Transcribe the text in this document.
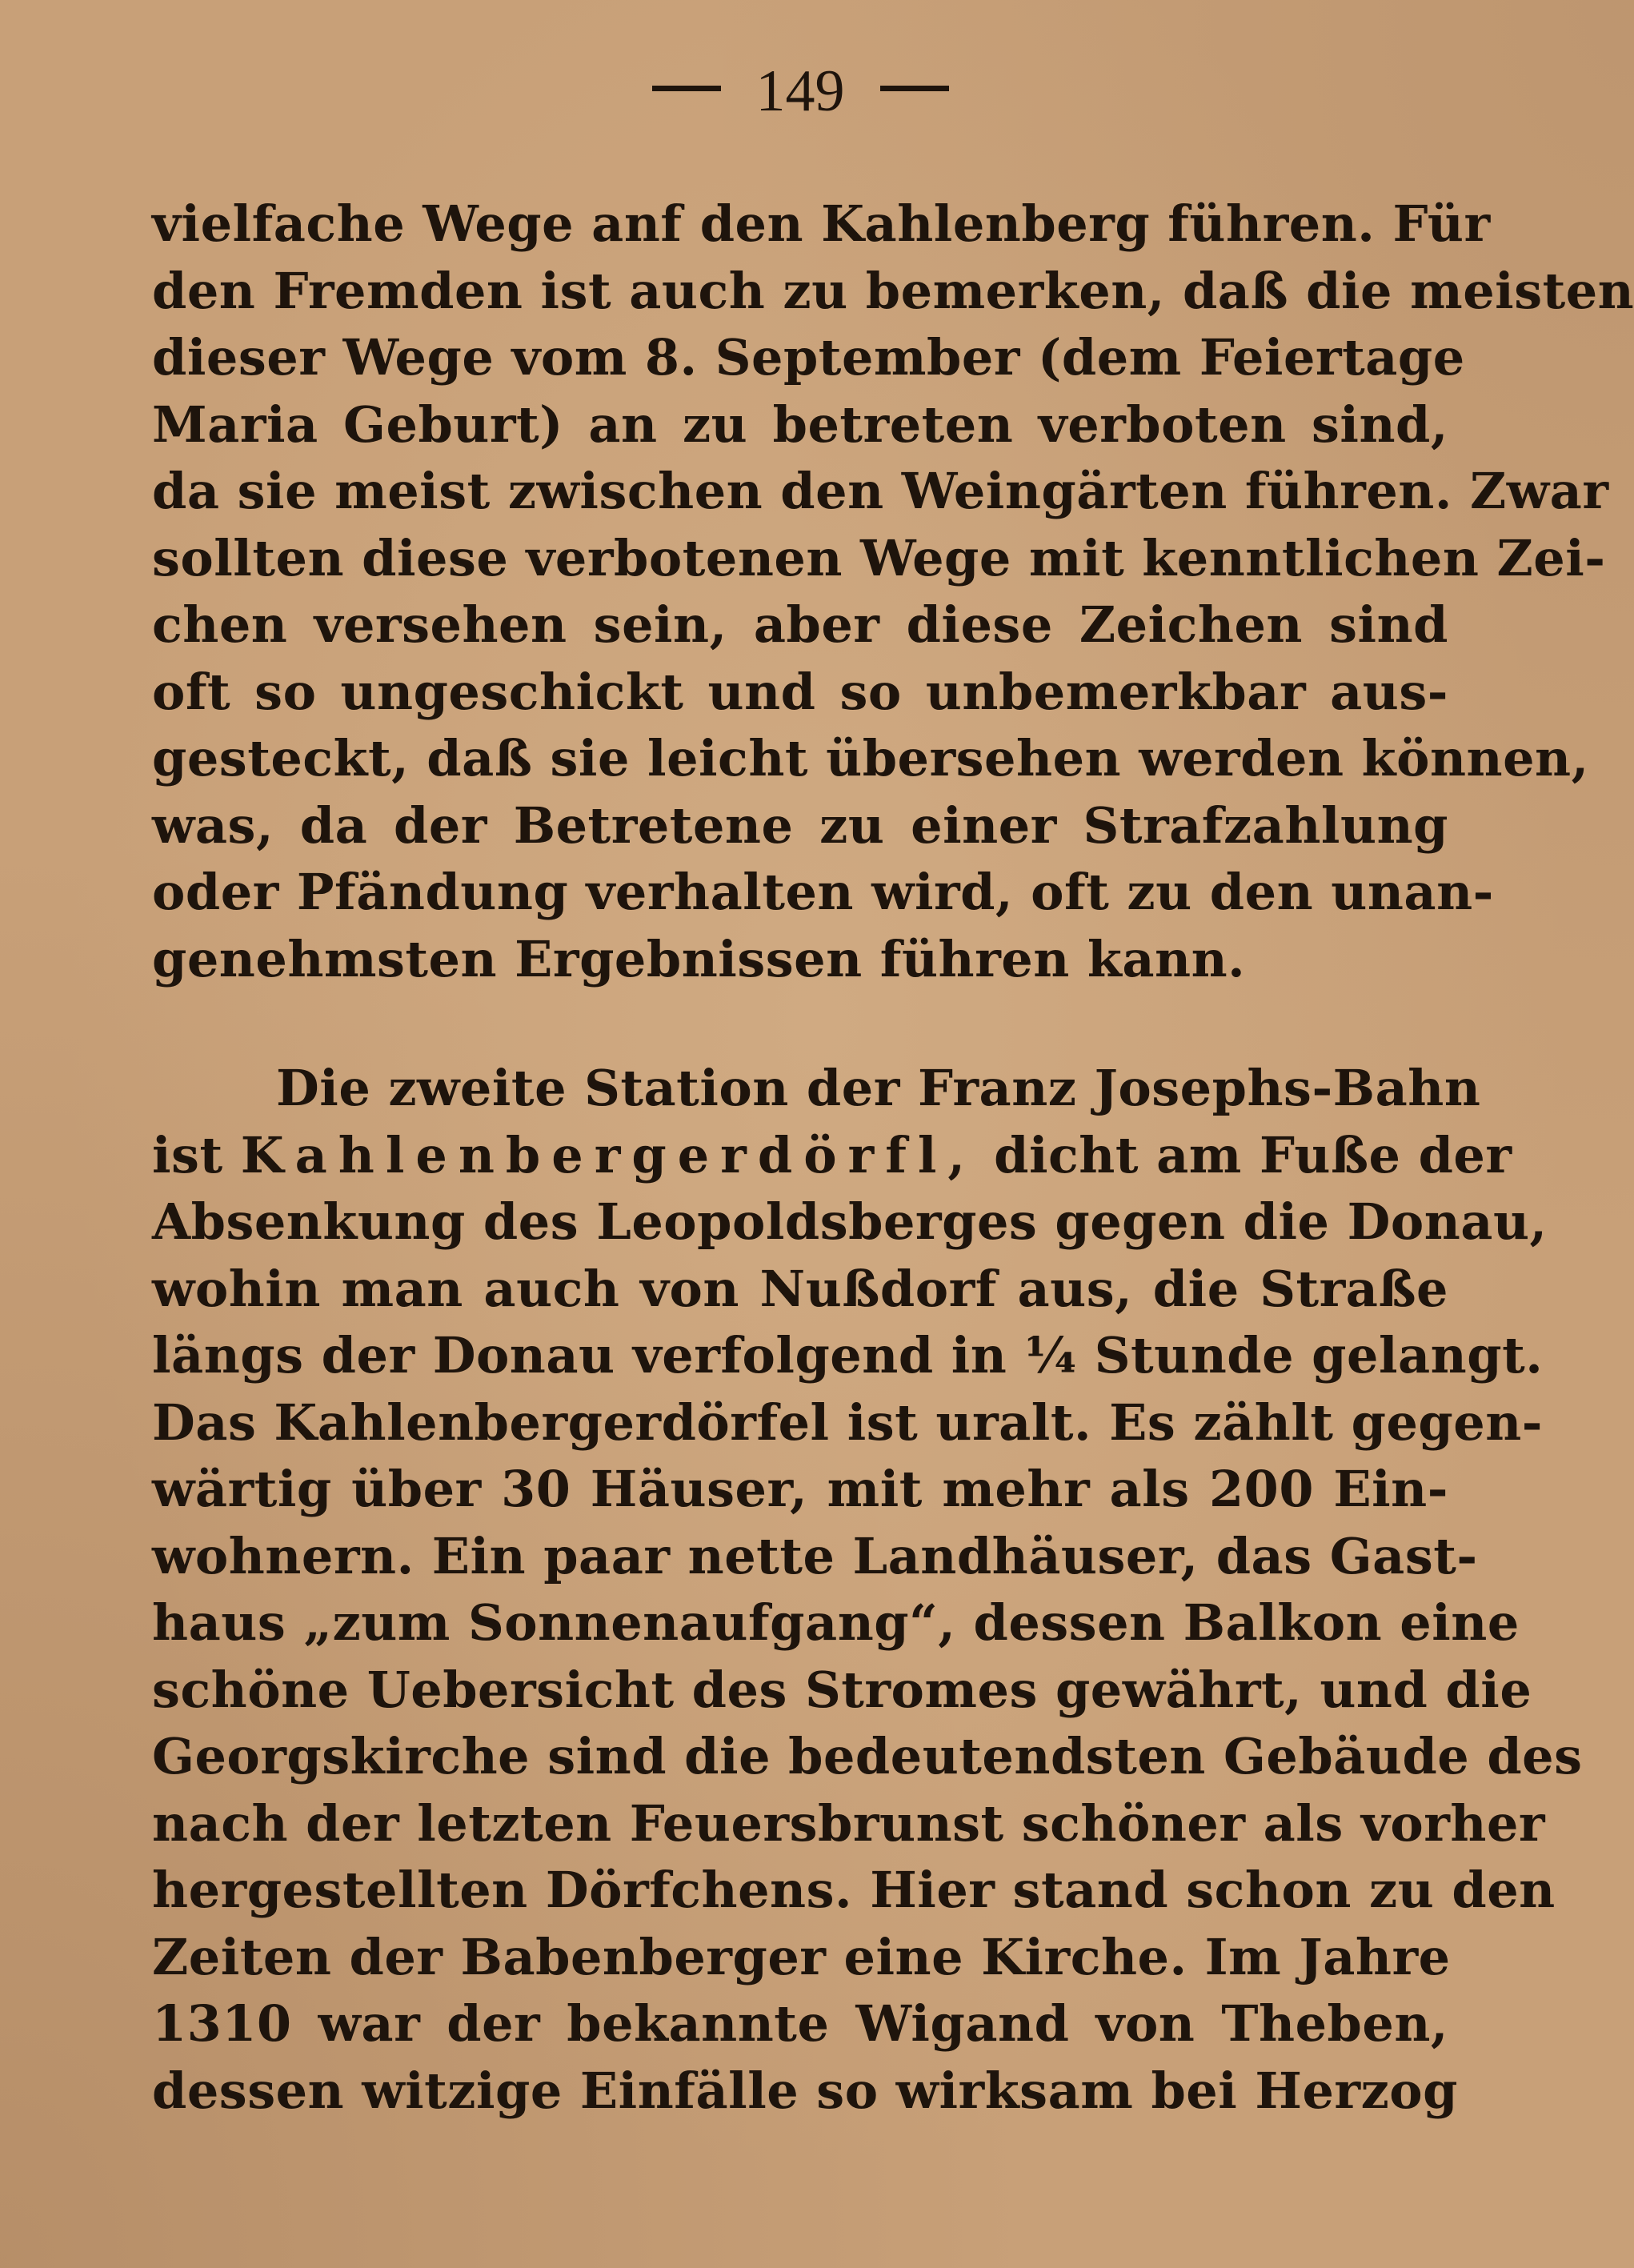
149
vielfache Wege anf den Kahlenberg führen. Für
den Fremden ist auch zu bemerken, daß die meisten
dieser Wege vom 8. September (dem Feiertage
Maria Geburt) an zu betreten verboten sind,
da sie meist zwischen den Weingärten führen. Zwar
sollten diese verbotenen Wege mit kenntlichen Zei-
chen versehen sein, aber diese Zeichen sind
oft so ungeschickt und so unbemerkbar aus-
gesteckt, daß sie leicht übersehen werden können,
was, da der Betretene zu einer Strafzahlung
oder Pfändung verhalten wird, oft zu den unan-
genehmsten Ergebnissen führen kann.
Die zweite Station der Franz Josephs-Bahn
ist Kahlenbergerdörfl, dicht am Fuße der
Absenkung des Leopoldsberges gegen die Donau,
wohin man auch von Nußdorf aus, die Straße
längs der Donau verfolgend in ¼ Stunde gelangt.
Das Kahlenbergerdörfel ist uralt. Es zählt gegen-
wärtig über 30 Häuser, mit mehr als 200 Ein-
wohnern. Ein paar nette Landhäuser, das Gast-
haus „zum Sonnenaufgang“, dessen Balkon eine
schöne Uebersicht des Stromes gewährt, und die
Georgskirche sind die bedeutendsten Gebäude des
nach der letzten Feuersbrunst schöner als vorher
hergestellten Dörfchens. Hier stand schon zu den
Zeiten der Babenberger eine Kirche. Im Jahre
1310 war der bekannte Wigand von Theben,
dessen witzige Einfälle so wirksam bei Herzog
